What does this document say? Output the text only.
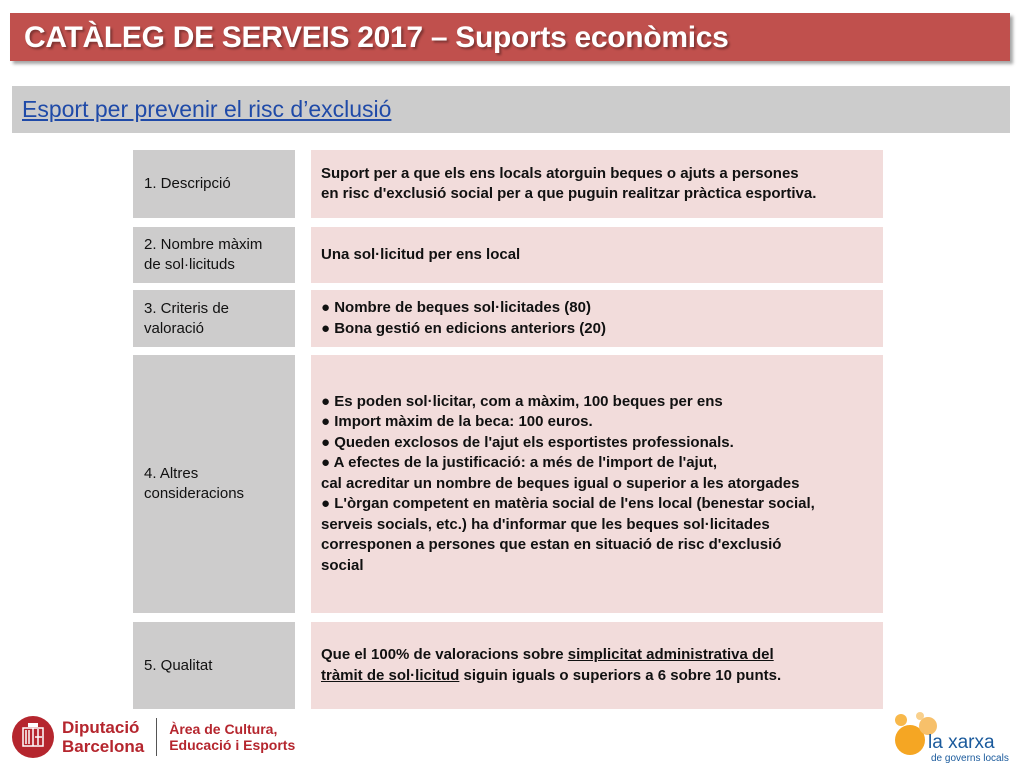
CATÀLEG DE SERVEIS 2017 – Suports econòmics
Esport per prevenir el risc d’exclusió
1. Descripció
Suport per a que els ens locals atorguin beques o ajuts a persones
en risc d'exclusió social per a que puguin realitzar pràctica esportiva.
2. Nombre màxim
de sol·licituds
Una sol·licitud per ens local
3. Criteris de
valoració
● Nombre de beques sol·licitades (80)
● Bona gestió en edicions anteriors (20)
4. Altres
consideracions
● Es poden sol·licitar, com a màxim, 100 beques per ens
● Import màxim de la beca: 100 euros.
● Queden exclosos de l'ajut els esportistes professionals.
● A efectes de la justificació: a més de l'import de l'ajut,
cal acreditar un nombre de beques igual o superior a les atorgades
● L'òrgan competent en matèria social de l'ens local (benestar social,
serveis socials, etc.) ha d'informar que les beques sol·licitades
corresponen a persones que estan en situació de risc d'exclusió
social
5. Qualitat
Que el 100% de valoracions sobre simplicitat administrativa del
tràmit de sol·licitud siguin iguals o superiors a 6 sobre 10 punts.
Diputació
Barcelona
Àrea de Cultura,
Educació i Esports	la xarxa
de governs locals
